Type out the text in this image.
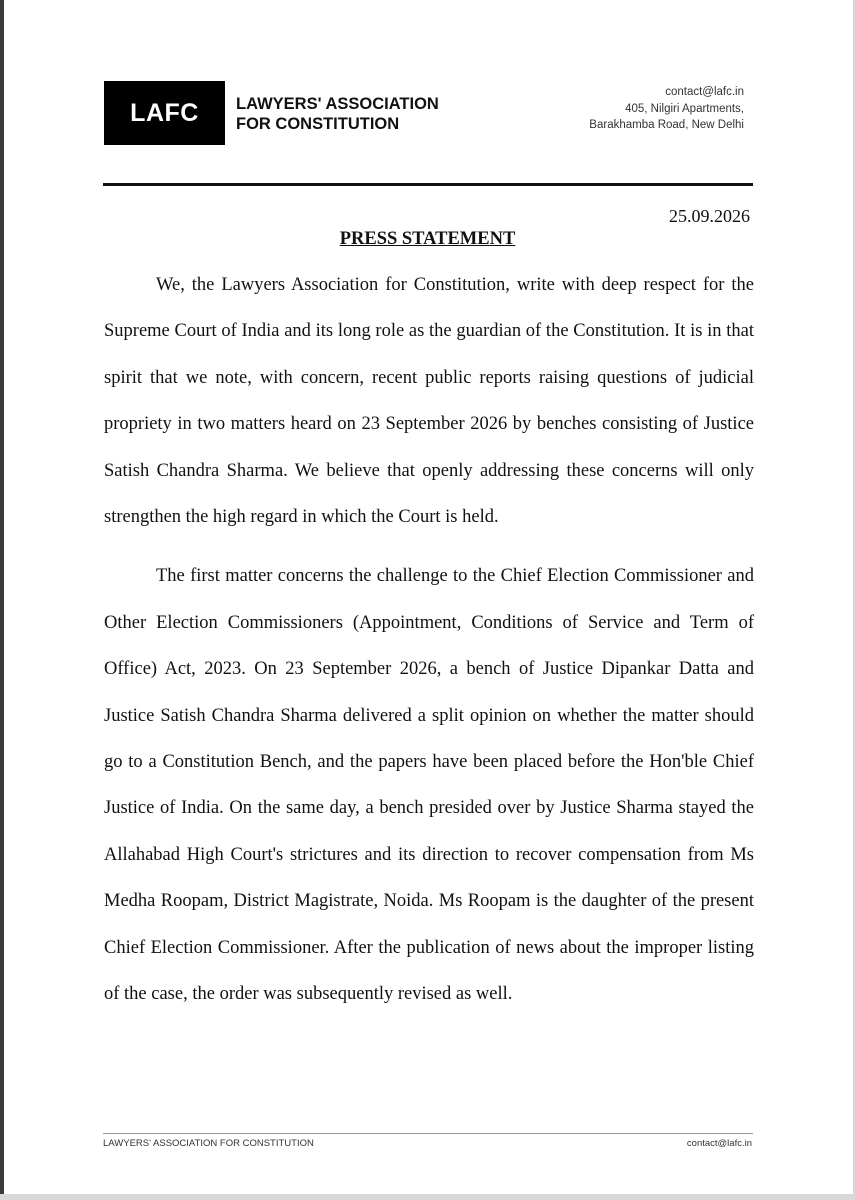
LAFC LAWYERS' ASSOCIATION
FOR CONSTITUTION
contact@lafc.in
405, Nilgiri Apartments,
Barakhamba Road, New Delhi
25.09.2026
PRESS STATEMENT

We, the Lawyers Association for Constitution, write with deep respect for the Supreme Court of India and its long role as the guardian of the Constitution. It is in that spirit that we note, with concern, recent public reports raising questions of judicial propriety in two matters heard on 23 September 2026 by benches consisting of Justice Satish Chandra Sharma. We believe that openly addressing these concerns will only strengthen the high regard in which the Court is held.

The first matter concerns the challenge to the Chief Election Commissioner and Other Election Commissioners (Appointment, Conditions of Service and Term of Office) Act, 2023. On 23 September 2026, a bench of Justice Dipankar Datta and Justice Satish Chandra Sharma delivered a split opinion on whether the matter should go to a Constitution Bench, and the papers have been placed before the Hon'ble Chief Justice of India. On the same day, a bench presided over by Justice Sharma stayed the Allahabad High Court's strictures and its direction to recover compensation from Ms Medha Roopam, District Magistrate, Noida. Ms Roopam is the daughter of the present Chief Election Commissioner. After the publication of news about the improper listing of the case, the order was subsequently revised as well.

LAWYERS' ASSOCIATION FOR CONSTITUTION	contact@lafc.in
